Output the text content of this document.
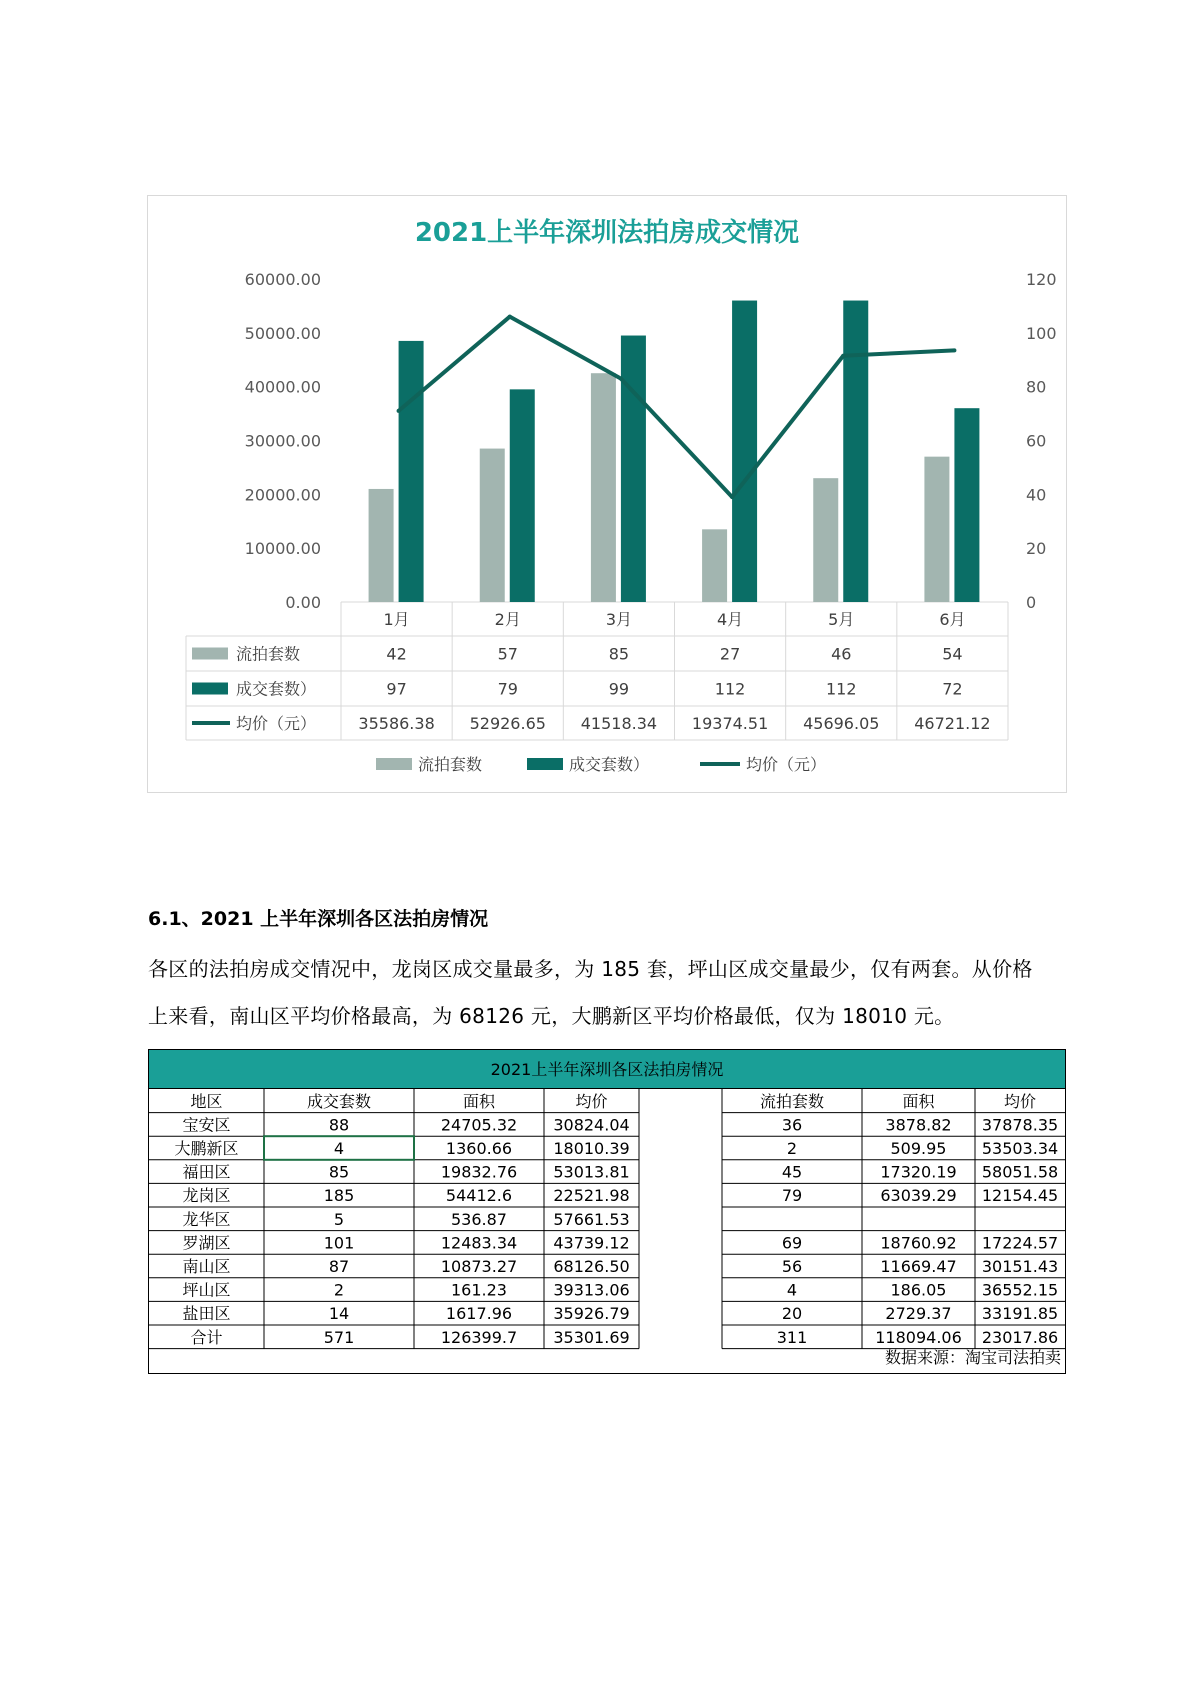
2021上半年深圳法拍房成交情况
60000.00
50000.00
40000.00
30000.00
20000.00
10000.00
0.00
120
100
80
60
40
20
0
1月	2月	3月	4月	5月	6月
流拍套数	42	57	85	27	46	54
成交套数）	97	79	99	112	112	72
均价（元）	35586.38 52926.65 41518.34 19374.51 45696.05 46721.12
流拍套数	成交套数）	均价（元）
6.1、2021 上半年深圳各区法拍房情况

各区的法拍房成交情况中，龙岗区成交量最多，为 185 套，坪山区成交量最少，仅有两套。从价格

上来看，南山区平均价格最高，为 68126 元，大鹏新区平均价格最低，仅为 18010 元。

2021上半年深圳各区法拍房情况
地区	成交套数	面积	均价	流拍套数	面积	均价
宝安区	88	24705.32 30824.04	36	3878.82 37878.35
大鹏新区	4	1360.66	18010.39	2	509.95 53503.34
福田区	85	19832.76 53013.81	45	17320.19 58051.58
龙岗区	185	54412.6	22521.98	79	63039.29 12154.45
龙华区	5	536.87	57661.53
罗湖区	101	12483.34 43739.12	69	18760.92 17224.57
南山区	87	10873.27 68126.50	56	11669.47 30151.43
坪山区	2	161.23	39313.06	4	186.05 36552.15
盐田区	14	1617.96	35926.79	20	2729.37 33191.85
合计	571	126399.7 35301.69	311	118094.06 23017.86
数据来源：淘宝司法拍卖
